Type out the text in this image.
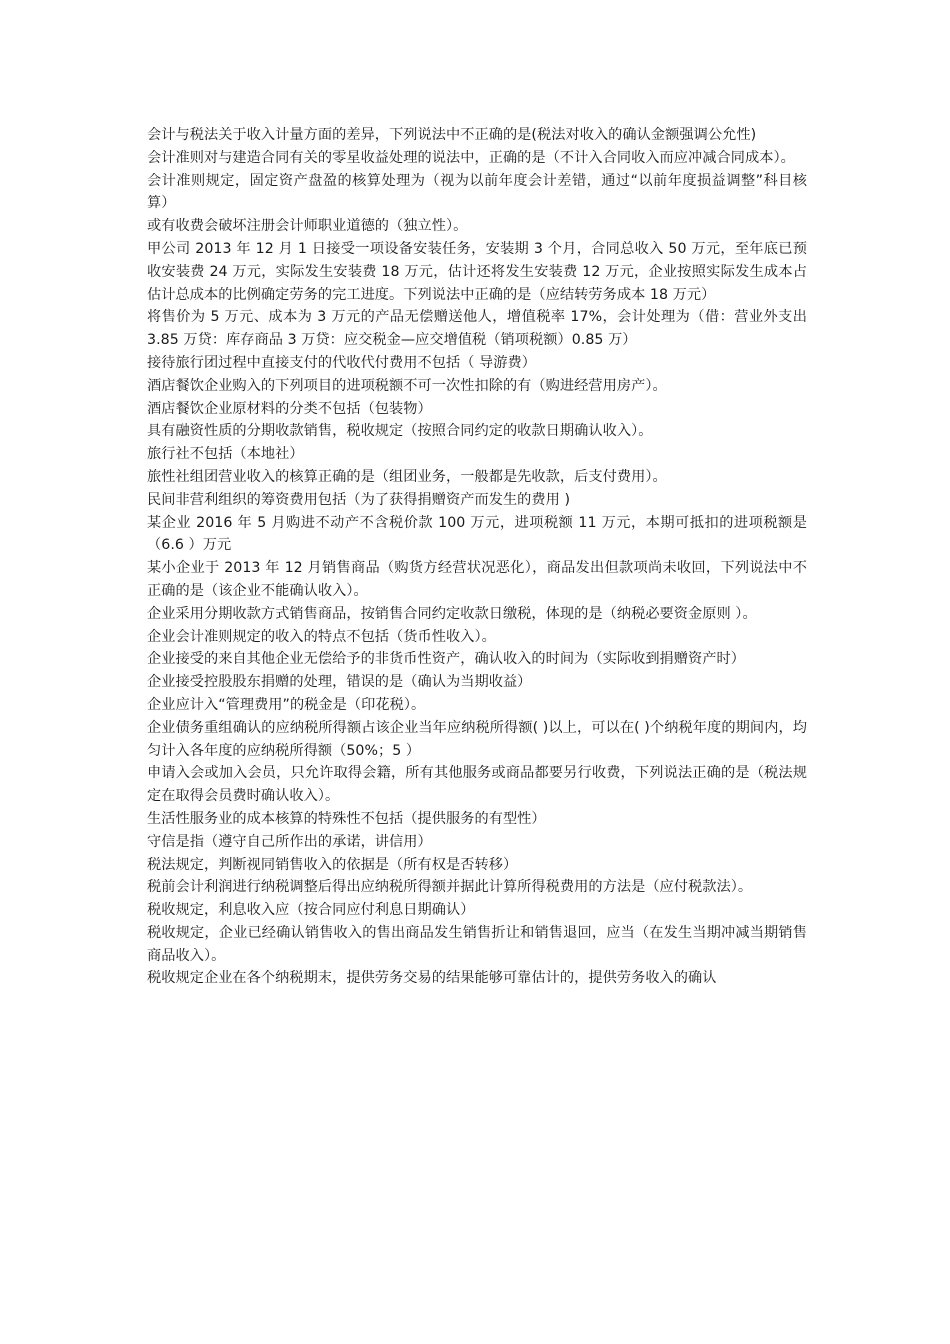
会计与税法关于收入计量方面的差异，下列说法中不正确的是(税法对收入的确认金额强调公允性)

会计准则对与建造合同有关的零星收益处理的说法中，正确的是（不计入合同收入而应冲减合同成本）。

会计准则规定，固定资产盘盈的核算处理为（视为以前年度会计差错，通过“以前年度损益调整”科目核算）

或有收费会破坏注册会计师职业道德的（独立性）。

甲公司 2013 年 12 月 1 日接受一项设备安装任务，安装期 3 个月，合同总收入 50 万元，至年底已预收安装费 24 万元，实际发生安装费 18 万元，估计还将发生安装费 12 万元，企业按照实际发生成本占估计总成本的比例确定劳务的完工进度。下列说法中正确的是（应结转劳务成本 18 万元）

将售价为 5 万元、成本为 3 万元的产品无偿赠送他人，增值税率 17%，会计处理为（借：营业外支出 3.85 万贷：库存商品 3 万贷：应交税金—应交增值税（销项税额）0.85 万）

接待旅行团过程中直接支付的代收代付费用不包括（ 导游费）

酒店餐饮企业购入的下列项目的进项税额不可一次性扣除的有（购进经营用房产）。

酒店餐饮企业原材料的分类不包括（包装物）

具有融资性质的分期收款销售，税收规定（按照合同约定的收款日期确认收入）。

旅行社不包括（本地社）

旅性社组团营业收入的核算正确的是（组团业务，一般都是先收款，后支付费用）。

民间非营利组织的筹资费用包括（为了获得捐赠资产而发生的费用 )

某企业 2016 年 5 月购进不动产不含税价款 100 万元，进项税额 11 万元，本期可抵扣的进项税额是（6.6 ）万元

某小企业于 2013 年 12 月销售商品（购货方经营状况恶化），商品发出但款项尚未收回，下列说法中不正确的是（该企业不能确认收入）。

企业采用分期收款方式销售商品，按销售合同约定收款日缴税，体现的是（纳税必要资金原则 ）。

企业会计准则规定的收入的特点不包括（货币性收入）。

企业接受的来自其他企业无偿给予的非货币性资产，确认收入的时间为（实际收到捐赠资产时）

企业接受控股股东捐赠的处理，错误的是（确认为当期收益）

企业应计入“管理费用”的税金是（印花税）。

企业债务重组确认的应纳税所得额占该企业当年应纳税所得额( )以上，可以在( )个纳税年度的期间内，均匀计入各年度的应纳税所得额（50%；5 ）

申请入会或加入会员，只允许取得会籍，所有其他服务或商品都要另行收费，下列说法正确的是（税法规定在取得会员费时确认收入）。

生活性服务业的成本核算的特殊性不包括（提供服务的有型性）

守信是指（遵守自己所作出的承诺，讲信用）

税法规定，判断视同销售收入的依据是（所有权是否转移）

税前会计利润进行纳税调整后得出应纳税所得额并据此计算所得税费用的方法是（应付税款法）。

税收规定，利息收入应（按合同应付利息日期确认）

税收规定，企业已经确认销售收入的售出商品发生销售折让和销售退回，应当（在发生当期冲减当期销售商品收入）。

税收规定企业在各个纳税期末，提供劳务交易的结果能够可靠估计的，提供劳务收入的确认
